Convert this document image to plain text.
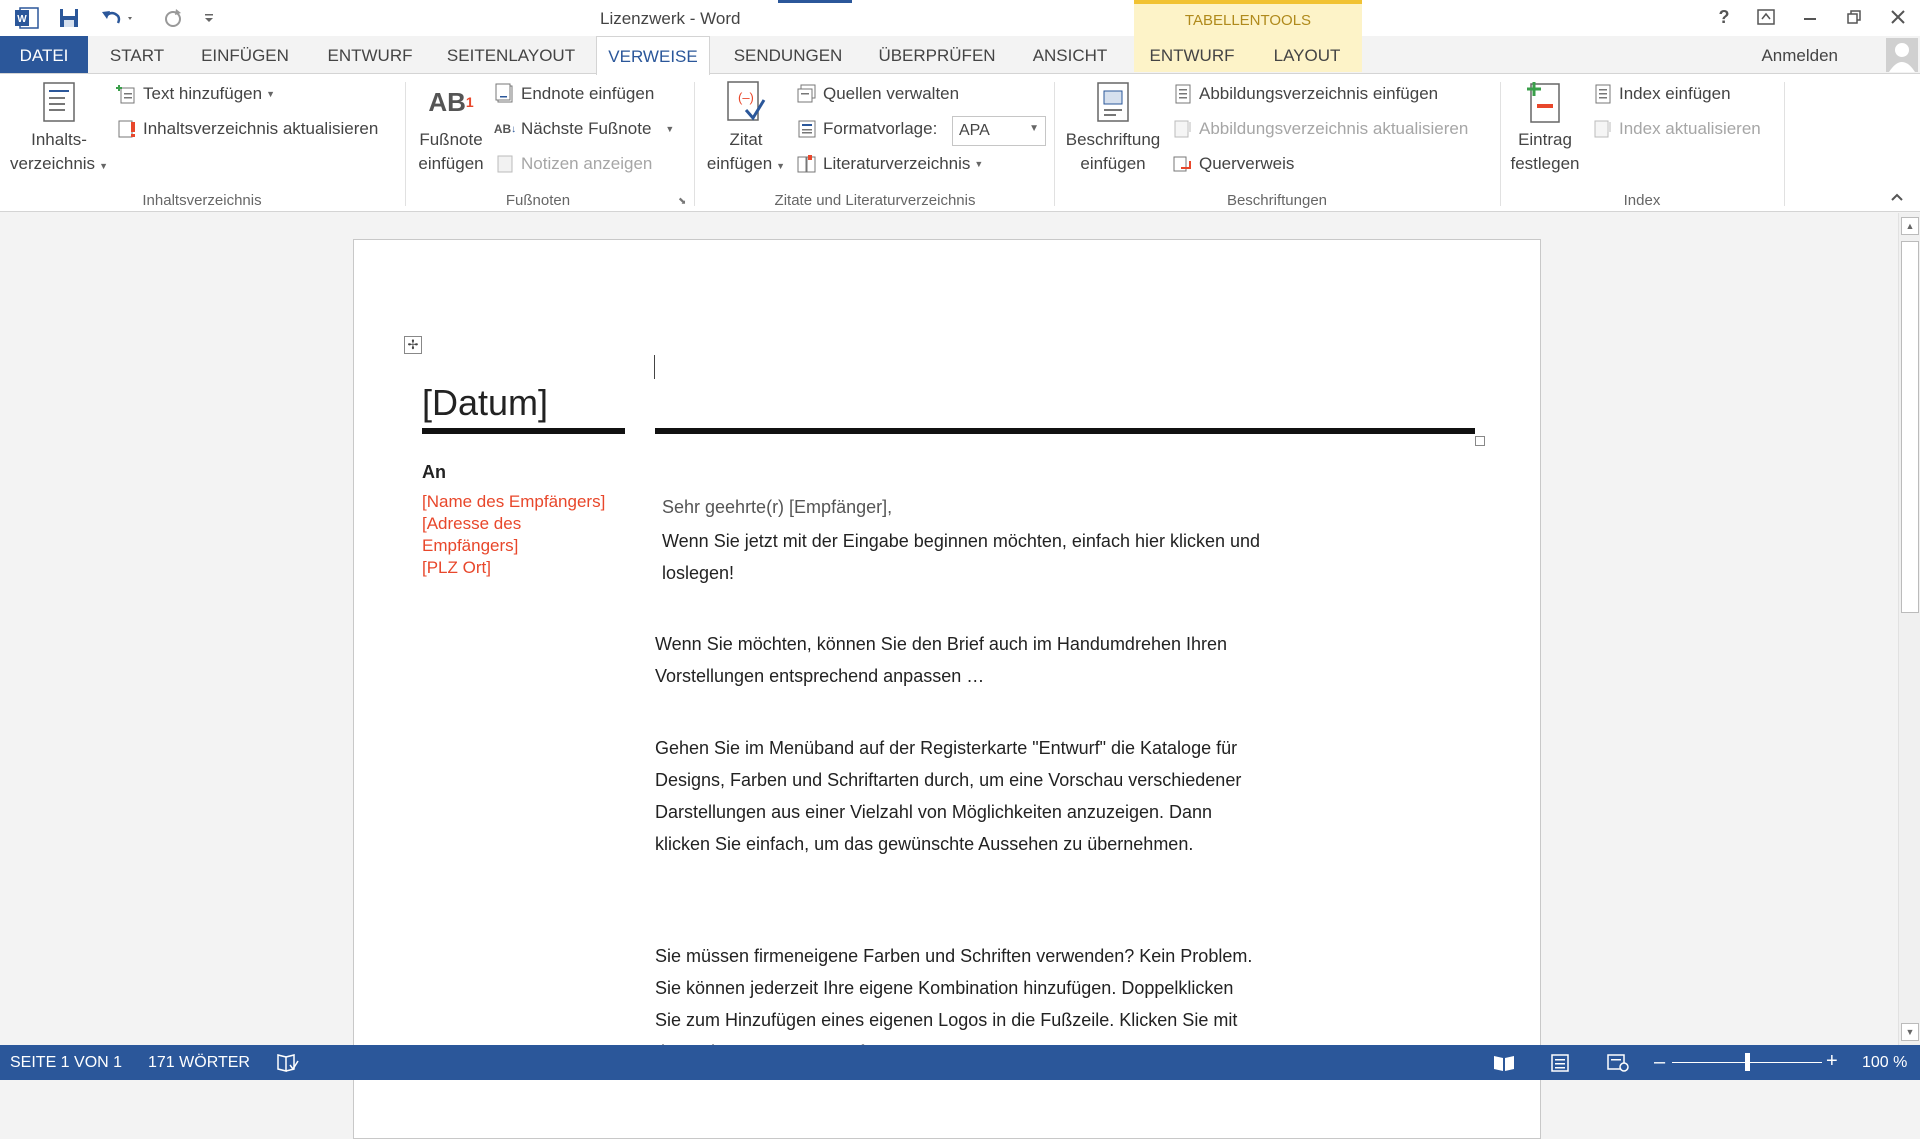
W	Lizenzwerk - Word	TABELLENTOOLS	?
DATEI	START	EINFÜGEN	ENTWURF	SEITENLAYOUT	VERWEISE	SENDUNGEN	ÜBERPRÜFEN	ANSICHT	ENTWURF	LAYOUT	Anmelden
Inhalts-
verzeichnis ▼
Text hinzufügen ▼
Inhaltsverzeichnis aktualisieren
Inhaltsverzeichnis
AB 1
Fußnote
einfügen
Endnote einfügen
AB ↓ Nächste Fußnote ▼
Notizen anzeigen
Fußnoten	⬊
(–)
Zitat
einfügen ▼
Quellen verwalten
Formatvorlage:	APA	▼
Literaturverzeichnis ▼
Zitate und Literaturverzeichnis
Beschriftung
einfügen
Abbildungsverzeichnis einfügen
Abbildungsverzeichnis aktualisieren
Querverweis
Beschriftungen
Eintrag
festlegen
Index einfügen
Index aktualisieren
Index
✢
[Datum]
An
[Name des Empfängers]
[Adresse des
Empfängers]
[PLZ Ort]
Sehr geehrte(r) [Empfänger],
Wenn Sie jetzt mit der Eingabe beginnen möchten, einfach hier klicken und loslegen!
Wenn Sie möchten, können Sie den Brief auch im Handumdrehen Ihren Vorstellungen entsprechend anpassen …
Gehen Sie im Menüband auf der Registerkarte "Entwurf" die Kataloge für Designs, Farben und Schriftarten durch, um eine Vorschau verschiedener Darstellungen aus einer Vielzahl von Möglichkeiten anzuzeigen. Dann klicken Sie einfach, um das gewünschte Aussehen zu übernehmen.
Sie müssen firmeneigene Farben und Schriften verwenden? Kein Problem. Sie können jederzeit Ihre eigene Kombination hinzufügen. Doppelklicken Sie zum Hinzufügen eines eigenen Logos in die Fußzeile. Klicken Sie mit
▲
▼
SEITE 1 VON 1 171 WÖRTER	–	+ 100 %
